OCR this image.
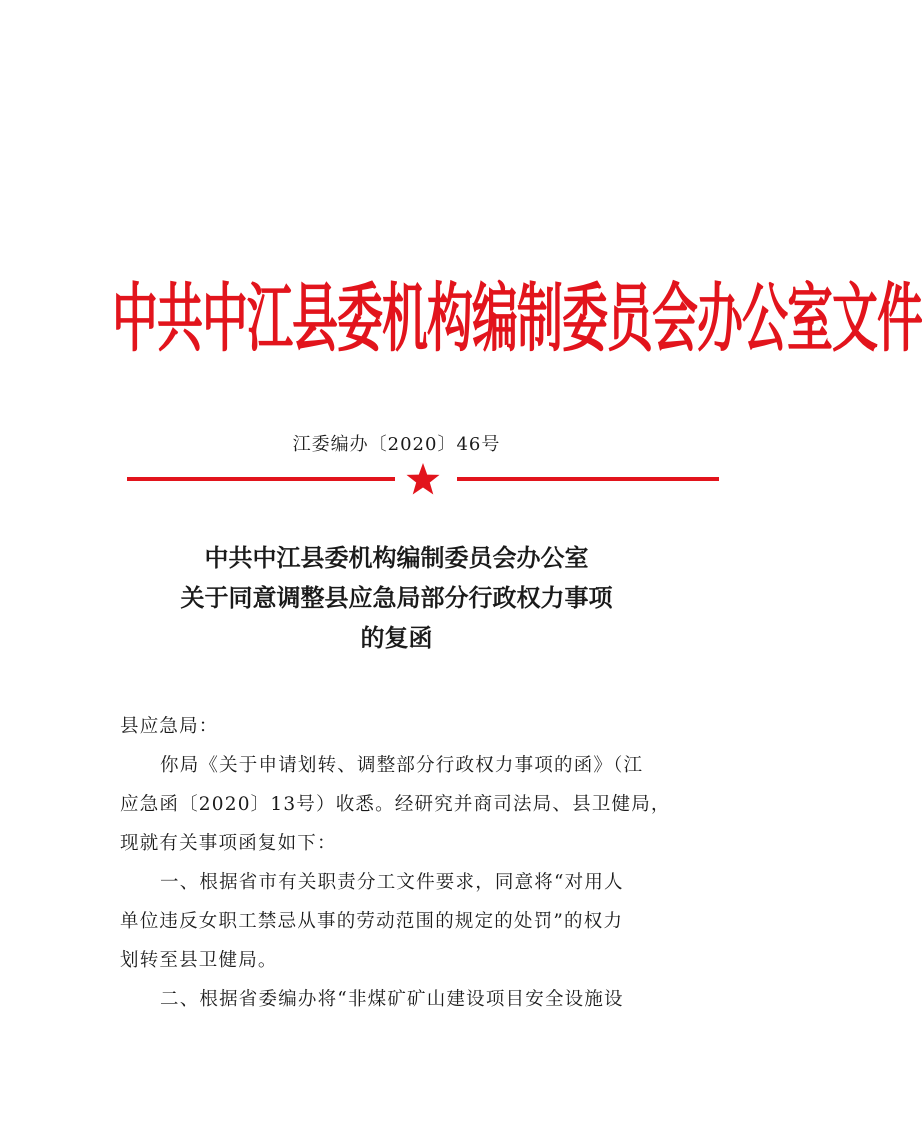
中共中江县委机构编制委员会办公室文件
江委编办〔2020〕46号
中共中江县委机构编制委员会办公室
关于同意调整县应急局部分行政权力事项
的复函

县应急局：

你局《关于申请划转、调整部分行政权力事项的函》（江

应急函〔2020〕13号）收悉。经研究并商司法局、县卫健局，

现就有关事项函复如下：

一、根据省市有关职责分工文件要求，同意将“对用人

单位违反女职工禁忌从事的劳动范围的规定的处罚”的权力

划转至县卫健局。

二、根据省委编办将“非煤矿矿山建设项目安全设施设
